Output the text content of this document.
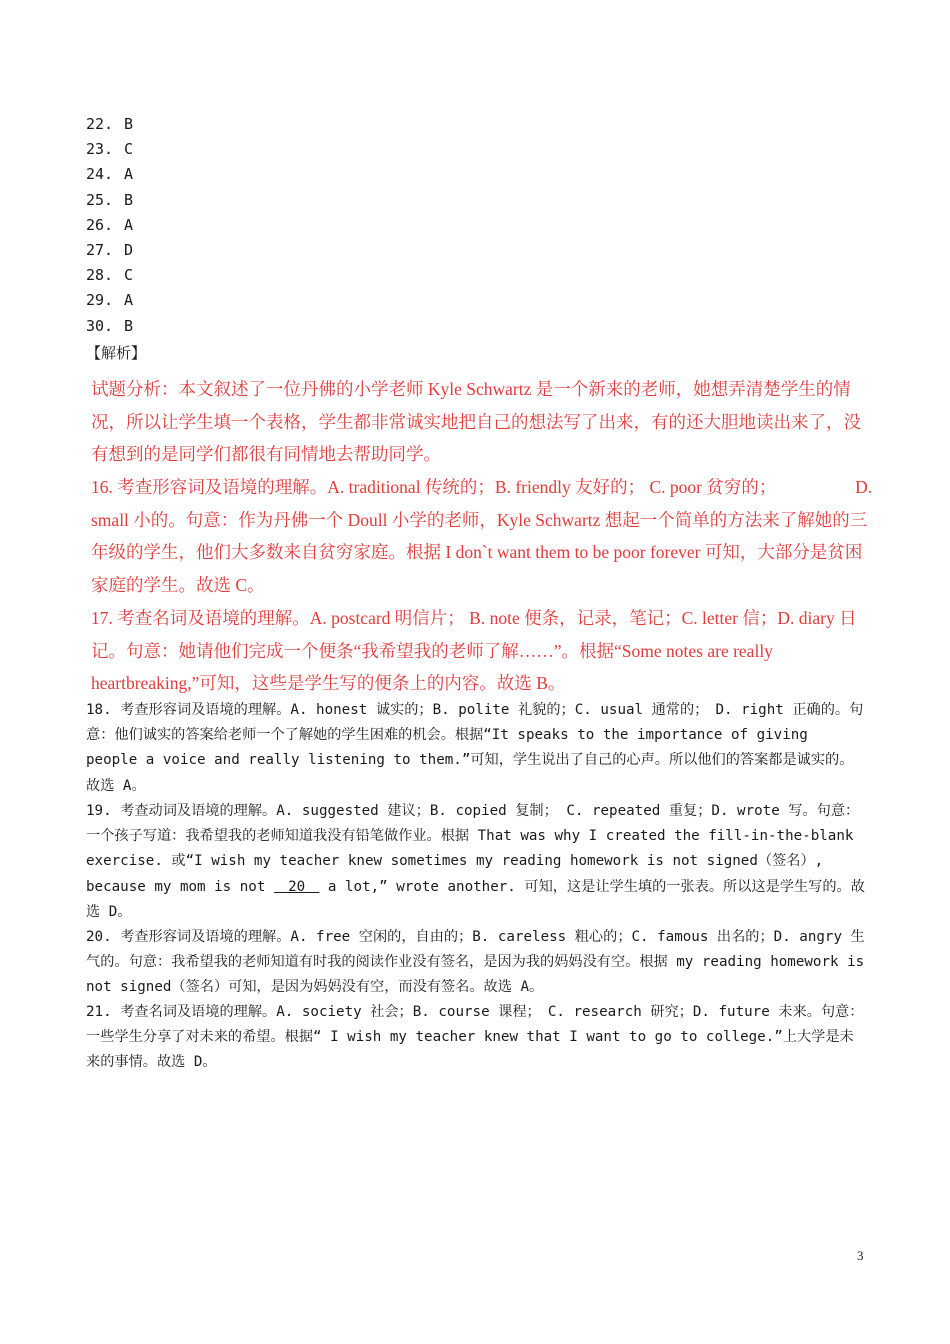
22. B
23. C
24. A
25. B
26. A
27. D
28. C
29. A
30. B
【解析】

试题分析：本文叙述了一位丹佛的小学老师 Kyle Schwartz 是一个新来的老师，她想弄清楚学生的情况，所以让学生填一个表格，学生都非常诚实地把自己的想法写了出来，有的还大胆地读出来了，没有想到的是同学们都很有同情地去帮助同学。

16. 考查形容词及语境的理解。A. traditional 传统的；B. friendly 友好的； C. poor 贫穷的；　　　　　D. small 小的。句意：作为丹佛一个 Doull 小学的老师，Kyle Schwartz 想起一个简单的方法来了解她的三年级的学生，他们大多数来自贫穷家庭。根据 I don`t want them to be poor forever 可知，大部分是贫困家庭的学生。故选 C。

17. 考查名词及语境的理解。A. postcard 明信片； B. note 便条，记录，笔记；C. letter 信；D. diary 日记。句意：她请他们完成一个便条“我希望我的老师了解……”。根据“Some notes are really heartbreaking,”可知，这些是学生写的便条上的内容。故选 B。

18. 考查形容词及语境的理解。A. honest 诚实的；B. polite 礼貌的；C. usual 通常的；　D. right 正确的。句意：他们诚实的答案给老师一个了解她的学生困难的机会。根据“It speaks to the importance of giving people a voice and really listening to them.”可知，学生说出了自己的心声。所以他们的答案都是诚实的。故选 A。

19. 考查动词及语境的理解。A. suggested 建议；B. copied 复制； C. repeated 重复；D. wrote 写。句意：一个孩子写道：我希望我的老师知道我没有铅笔做作业。根据 That was why I created the fill-in-the-blank exercise. 或“I wish my teacher knew sometimes my reading homework is not signed（签名）, because my mom is not 　20　 a lot,” wrote another. 可知，这是让学生填的一张表。所以这是学生写的。故选 D。

20. 考查形容词及语境的理解。A. free 空闲的，自由的；B. careless 粗心的；C. famous 出名的；D. angry 生气的。句意：我希望我的老师知道有时我的阅读作业没有签名，是因为我的妈妈没有空。根据 my reading homework is not signed（签名）可知，是因为妈妈没有空，而没有签名。故选 A。

21. 考查名词及语境的理解。A. society 社会；B. course 课程；　C. research 研究；D. future 未来。句意：一些学生分享了对未来的希望。根据“ I wish my teacher knew that I want to go to college.”上大学是未来的事情。故选 D。

3
